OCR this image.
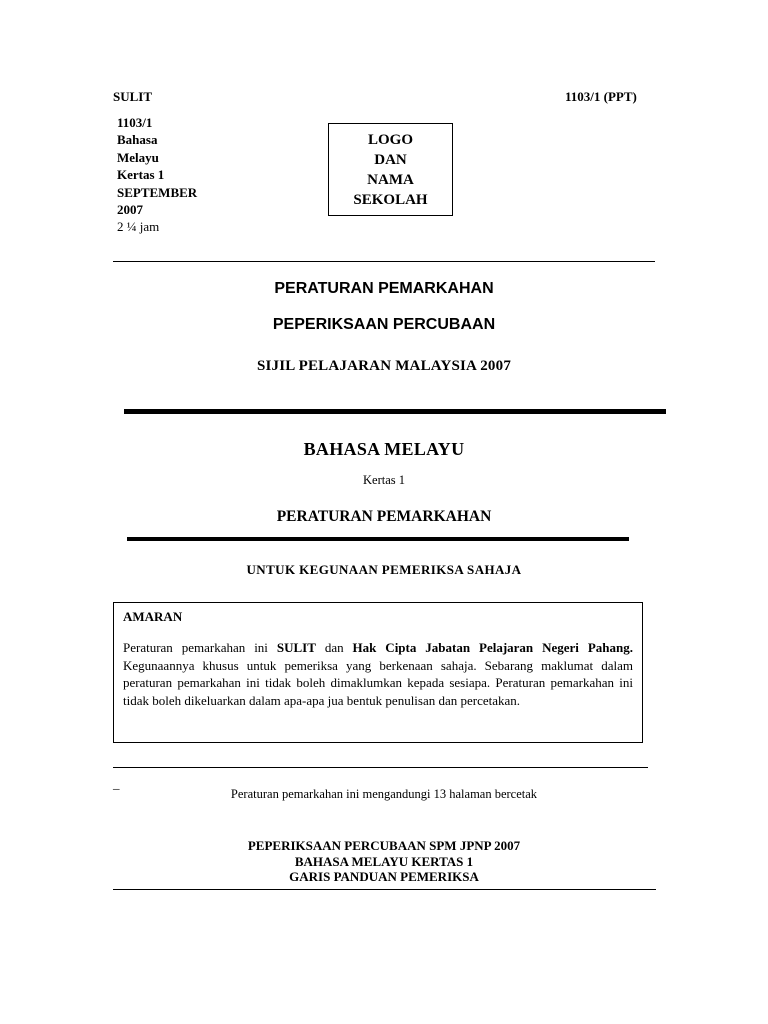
SULIT	1103/1 (PPT)
1103/1
Bahasa
Melayu
Kertas 1
SEPTEMBER
2007
2 ¼ jam
LOGO
DAN
NAMA
SEKOLAH
PERATURAN PEMARKAHAN
PEPERIKSAAN PERCUBAAN
SIJIL PELAJARAN MALAYSIA 2007
BAHASA MELAYU
Kertas 1
PERATURAN PEMARKAHAN
UNTUK KEGUNAAN PEMERIKSA SAHAJA
AMARAN
Peraturan pemarkahan ini SULIT dan Hak Cipta Jabatan Pelajaran Negeri Pahang. Kegunaannya khusus untuk pemeriksa yang berkenaan sahaja. Sebarang maklumat dalam peraturan pemarkahan ini tidak boleh dimaklumkan kepada sesiapa. Peraturan pemarkahan ini tidak boleh dikeluarkan dalam apa-apa jua bentuk penulisan dan percetakan.
_
Peraturan pemarkahan ini mengandungi 13 halaman bercetak
PEPERIKSAAN PERCUBAAN SPM JPNP 2007
BAHASA MELAYU KERTAS 1
GARIS PANDUAN PEMERIKSA
